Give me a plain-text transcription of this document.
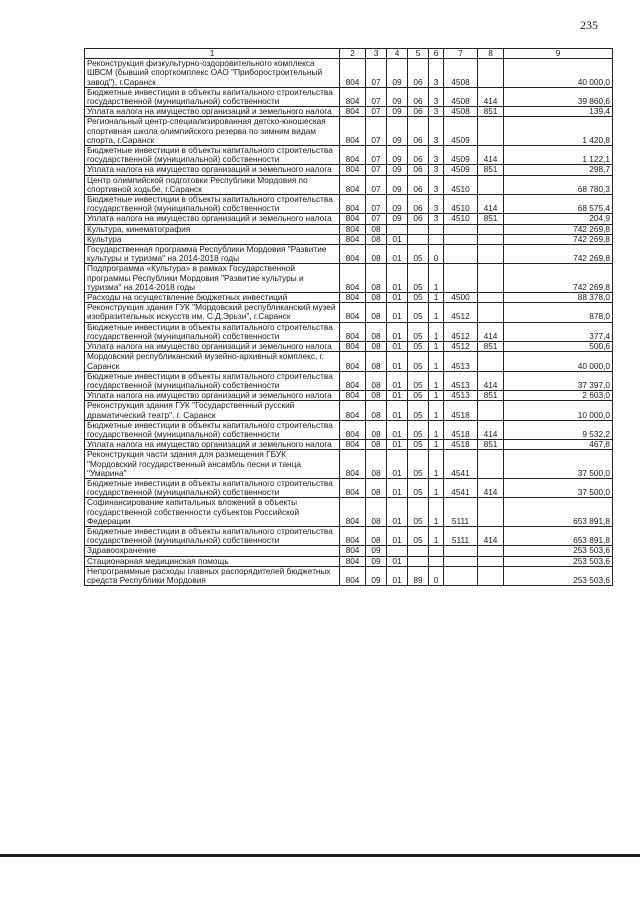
235
1	2	3	4	5	6	7	8	9
Реконструкция физкультурно-оздоровительного комплекса ШВСМ (бывший спорткомплекс ОАО "Приборостроительный завод"), г.Саранск	804	07	09	06	3	4508		40 000,0
Бюджетные инвестиции в объекты капитального строительства государственной (муниципальной) собственности	804	07	09	06	3	4508	414	39 860,6
Уплата налога на имущество организаций и земельного налога	804	07	09	06	3	4508	851	139,4
Региональный центр-специализированная детско-юношеская спортивная школа олимпийского резерва по зимним видам спорта, г.Саранск	804	07	09	06	3	4509		1 420,8
Бюджетные инвестиции в объекты капитального строительства государственной (муниципальной) собственности	804	07	09	06	3	4509	414	1 122,1
Уплата налога на имущество организаций и земельного налога	804	07	09	06	3	4509	851	298,7
Центр олимпийской подготовки Республики Мордовия по спортивной ходьбе, г.Саранск	804	07	09	06	3	4510		68 780,3
Бюджетные инвестиции в объекты капитального строительства государственной (муниципальной) собственности	804	07	09	06	3	4510	414	68 575,4
Уплата налога на имущество организаций и земельного налога	804	07	09	06	3	4510	851	204,9
Культура, кинематография	804	08						742 269,8
Культура	804	08	01					742 269,8
Государственная программа Республики Мордовия "Развитие культуры и туризма" на 2014-2018 годы	804	08	01	05	0			742 269,8
Подпрограмма «Культура» в рамках Государственной программы Республики Мордовия "Развитие культуры и туризма" на 2014-2018 годы	804	08	01	05	1			742 269,8
Расходы на осуществление бюджетных инвестиций	804	08	01	05	1	4500		88 378,0
Реконструкция здания ГУК "Мордовский республиканский музей изобразительных искусств им. С.Д.Эрьзи", г.Саранск	804	08	01	05	1	4512		878,0
Бюджетные инвестиции в объекты капитального строительства государственной (муниципальной) собственности	804	08	01	05	1	4512	414	377,4
Уплата налога на имущество организаций и земельного налога	804	08	01	05	1	4512	851	500,6
Мордовский республиканский музейно-архивный комплекс, г. Саранск	804	08	01	05	1	4513		40 000,0
Бюджетные инвестиции в объекты капитального строительства государственной (муниципальной) собственности	804	08	01	05	1	4513	414	37 397,0
Уплата налога на имущество организаций и земельного налога	804	08	01	05	1	4513	851	2 603,0
Реконструкция здания ГУК "Государственный русский драматический театр", г. Саранск	804	08	01	05	1	4518		10 000,0
Бюджетные инвестиции в объекты капитального строительства государственной (муниципальной) собственности	804	08	01	05	1	4518	414	9 532,2
Уплата налога на имущество организаций и земельного налога	804	08	01	05	1	4518	851	467,8
Реконструкция части здания для размещения ГБУК "Мордовский государственный ансамбль песни и танца "Умарина"	804	08	01	05	1	4541		37 500,0
Бюджетные инвестиции в объекты капитального строительства государственной (муниципальной) собственности	804	08	01	05	1	4541	414	37 500,0
Софинансирование капитальных вложений в объекты государственной собственности субъектов Российской Федерации	804	08	01	05	1	5111		653 891,8
Бюджетные инвестиции в объекты капитального строительства государственной (муниципальной) собственности	804	08	01	05	1	5111	414	653 891,8
Здравоохранение	804	09						253 503,6
Стационарная медицинская помощь	804	09	01					253 503,6
Непрограммные расходы главных распорядителей бюджетных средств Республики Мордовия	804	09	01	89	0			253 503,6
